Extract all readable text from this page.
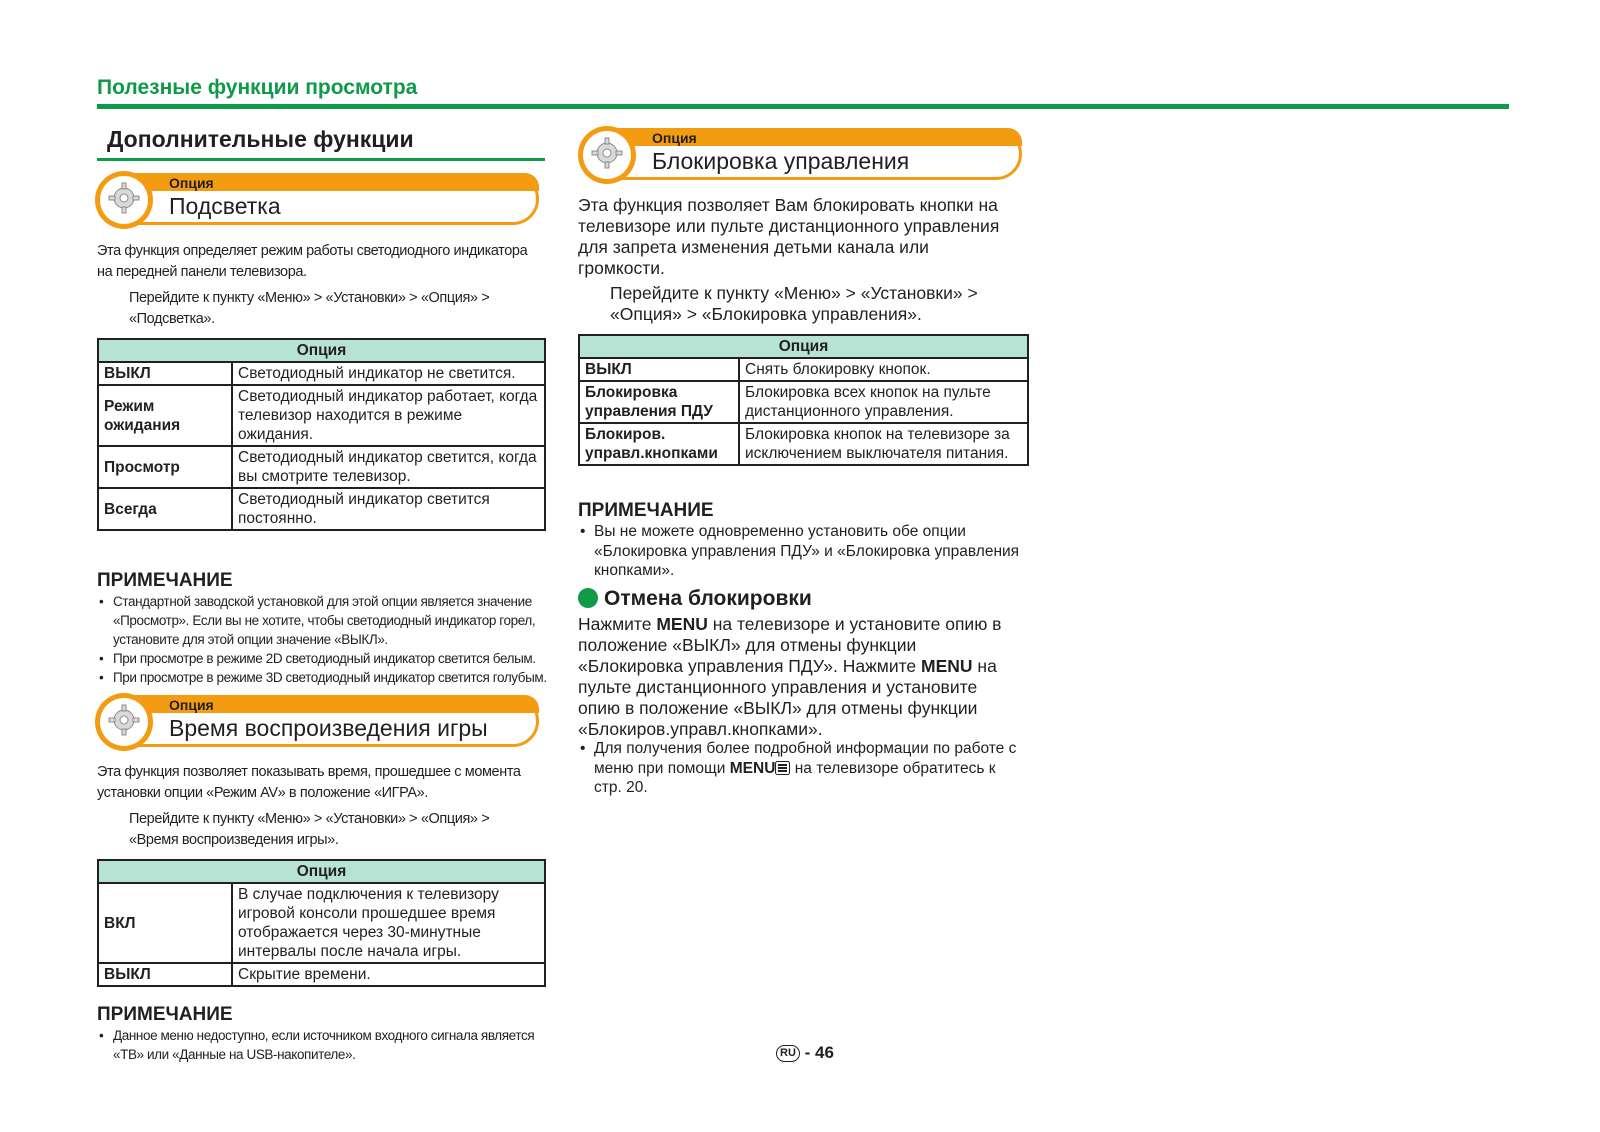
Полезные функции просмотра
Дополнительные функции
Опция
Подсветка
Эта функция определяет режим работы светодиодного индикатора
на передней панели телевизора.
Перейдите к пункту «Меню» > «Установки» > «Опция» >
«Подсветка».
Опция	
ВЫКЛ	Светодиодный индикатор не светится.
Режим ожидания	Светодиодный индикатор работает, когда телевизор находится в режиме ожидания.
Просмотр	Светодиодный индикатор светится, когда вы смотрите телевизор.
Всегда	Светодиодный индикатор светится постоянно.
ПРИМЕЧАНИЕ
• Стандартной заводской установкой для этой опции является значение «Просмотр». Если вы не хотите, чтобы светодиодный индикатор горел, установите для этой опции значение «ВЫКЛ».
• При просмотре в режиме 2D светодиодный индикатор светится белым.
• При просмотре в режиме 3D светодиодный индикатор светится голубым.
Опция
Время воспроизведения игры
Эта функция позволяет показывать время, прошедшее с момента
установки опции «Режим AV» в положение «ИГРА».
Перейдите к пункту «Меню» > «Установки» > «Опция» >
«Время воспроизведения игры».
Опция	
ВКЛ	В случае подключения к телевизору игровой консоли прошедшее время отображается через 30-минутные интервалы после начала игры.
ВЫКЛ	Скрытие времени.
ПРИМЕЧАНИЕ
• Данное меню недоступно, если источником входного сигнала является «ТВ» или «Данные на USB-накопителе».
Опция
Блокировка управления
Эта функция позволяет Вам блокировать кнопки на телевизоре или пульте дистанционного управления для запрета изменения детьми канала или громкости.
Перейдите к пункту «Меню» > «Установки» > «Опция» > «Блокировка управления».
Опция	
ВЫКЛ	Снять блокировку кнопок.
Блокировка управления ПДУ	Блокировка всех кнопок на пульте дистанционного управления.
Блокиров. управл.кнопками	Блокировка кнопок на телевизоре за исключением выключателя питания.
ПРИМЕЧАНИЕ
• Вы не можете одновременно установить обе опции «Блокировка управления ПДУ» и «Блокировка управления кнопками».
Отмена блокировки
Нажмите MENU на телевизоре и установите опию в положение «ВЫКЛ» для отмены функции «Блокировка управления ПДУ». Нажмите MENU на пульте дистанционного управления и установите опию в положение «ВЫКЛ» для отмены функции «Блокиров.управл.кнопками».
• Для получения более подробной информации по работе с меню при помощи MENU на телевизоре обратитесь к стр. 20.
RU - 46
